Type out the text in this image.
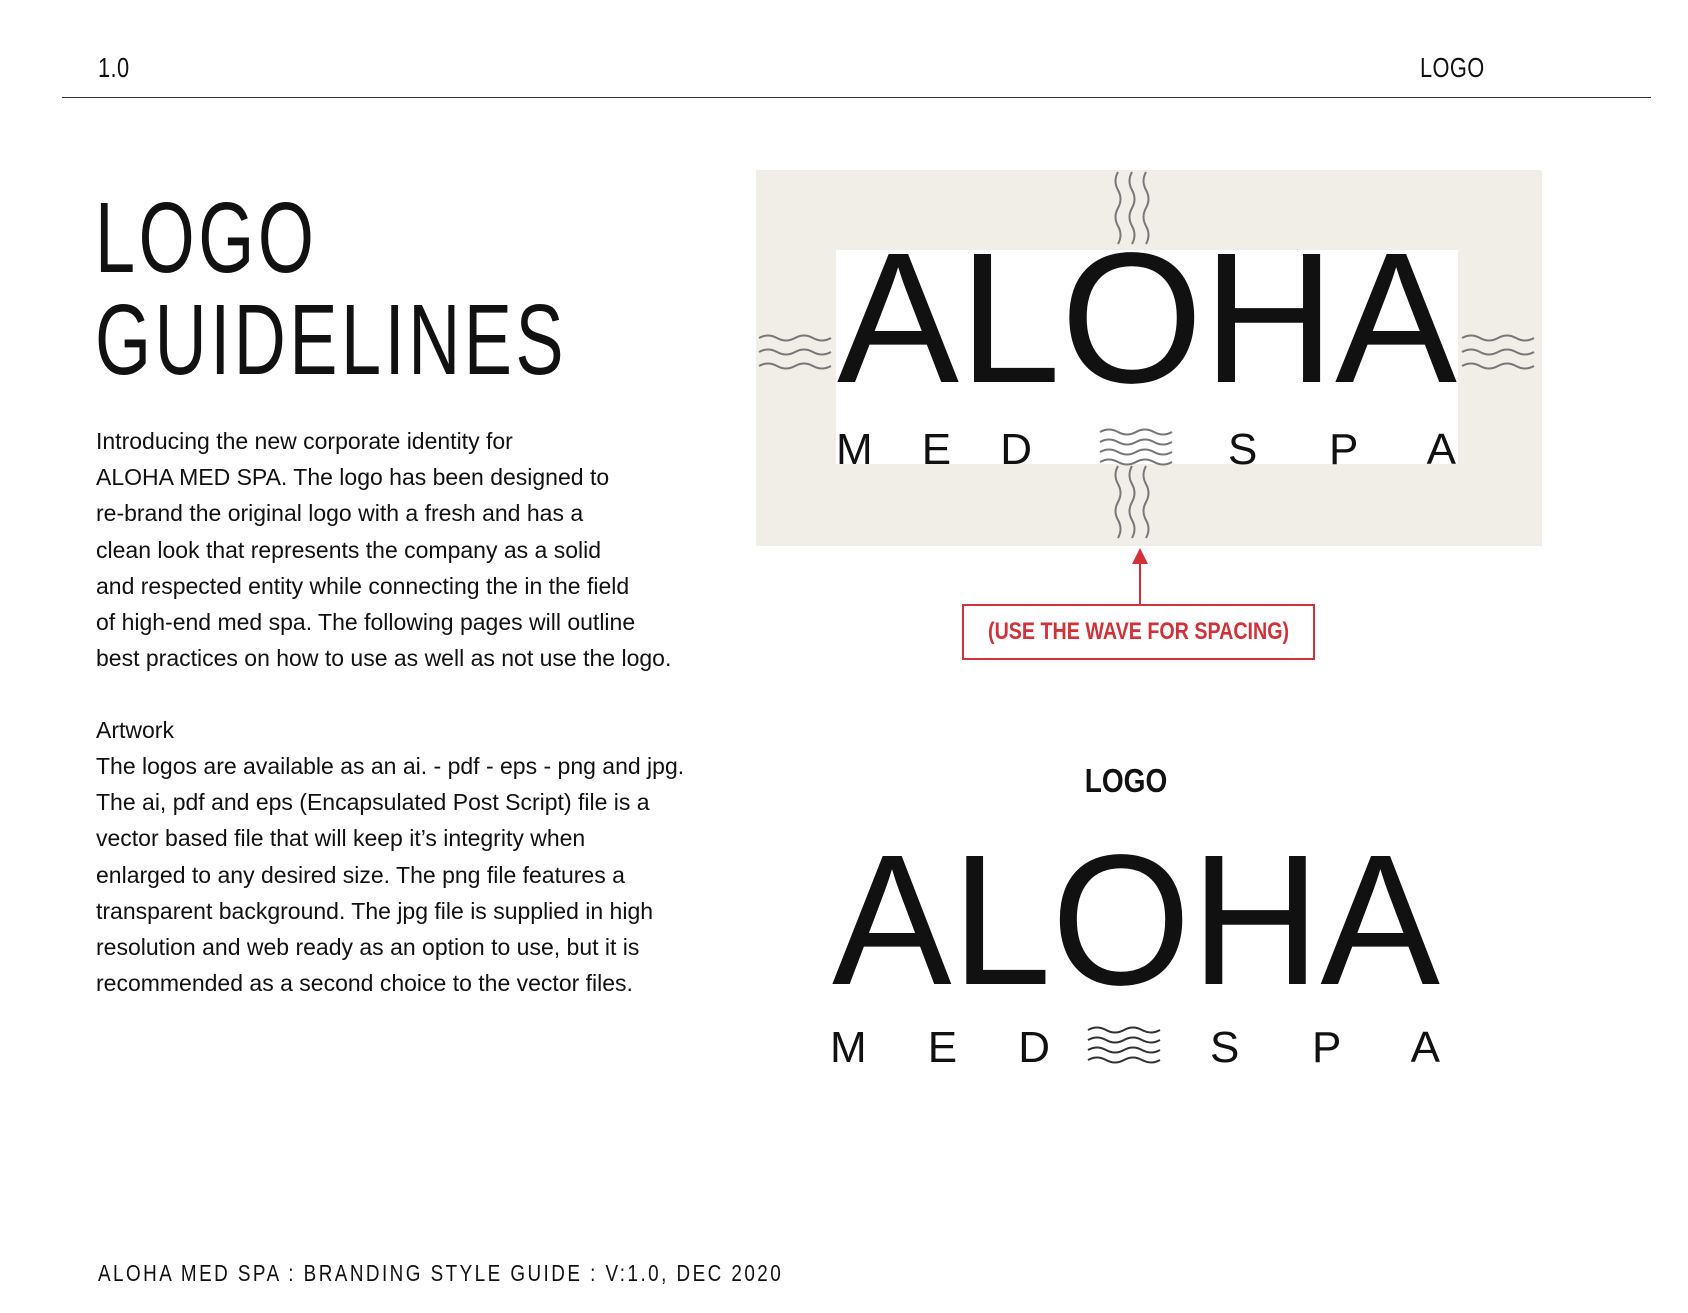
1.0	LOGO
LOGO
GUIDELINES
Introducing the new corporate identity for
ALOHA MED SPA. The logo has been designed to
re-brand the original logo with a fresh and has a
clean look that represents the company as a solid
and respected entity while connecting the in the field
of high-end med spa. The following pages will outline
best practices on how to use as well as not use the logo.
Artwork
The logos are available as an ai. - pdf - eps - png and jpg.
The ai, pdf and eps (Encapsulated Post Script) file is a
vector based file that will keep it’s integrity when
enlarged to any desired size. The png file features a
transparent background. The jpg file is supplied in high
resolution and web ready as an option to use, but it is
recommended as a second choice to the vector files.
ALOHA
MED	SPA
(USE THE WAVE FOR SPACING)
LOGO
ALOHA
MED	SPA
ALOHA MED SPA : BRANDING STYLE GUIDE : V:1.0, DEC 2020
